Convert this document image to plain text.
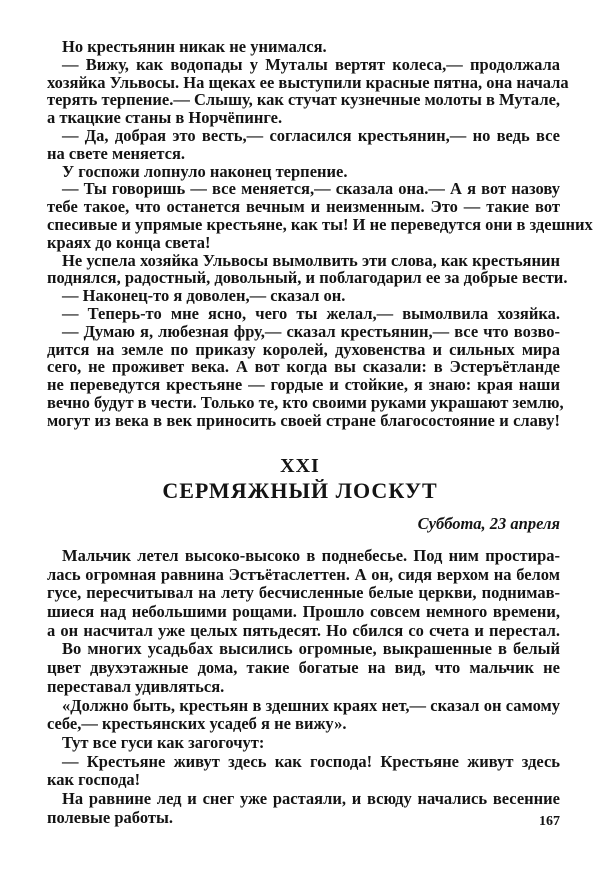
Но крестьянин никак не унимался.
— Вижу, как водопады у Муталы вертят колеса,— продолжала
хозяйка Ульвосы. На щеках ее выступили красные пятна, она начала
терять терпение.— Слышу, как стучат кузнечные молоты в Мутале,
а ткацкие станы в Норчёпинге.
— Да, добрая это весть,— согласился крестьянин,— но ведь все
на свете меняется.
У госпожи лопнуло наконец терпение.
— Ты говоришь — все меняется,— сказала она.— А я вот назову
тебе такое, что останется вечным и неизменным. Это — такие вот
спесивые и упрямые крестьяне, как ты! И не переведутся они в здешних
краях до конца света!
Не успела хозяйка Ульвосы вымолвить эти слова, как крестьянин
поднялся, радостный, довольный, и поблагодарил ее за добрые вести.
— Наконец-то я доволен,— сказал он.
— Теперь-то мне ясно, чего ты желал,— вымолвила хозяйка.
— Думаю я, любезная фру,— сказал крестьянин,— все что возво-
дится на земле по приказу королей, духовенства и сильных мира
сего, не проживет века. А вот когда вы сказали: в Эстеръётланде
не переведутся крестьяне — гордые и стойкие, я знаю: края наши
вечно будут в чести. Только те, кто своими руками украшают землю,
могут из века в век приносить своей стране благосостояние и славу!
XXI
СЕРМЯЖНЫЙ ЛОСКУТ
Суббота, 23 апреля
Мальчик летел высоко-высоко в поднебесье. Под ним простира-
лась огромная равнина Эстъётаслеттен. А он, сидя верхом на белом
гусе, пересчитывал на лету бесчисленные белые церкви, поднимав-
шиеся над небольшими рощами. Прошло совсем немного времени,
а он насчитал уже целых пятьдесят. Но сбился со счета и перестал.
Во многих усадьбах высились огромные, выкрашенные в белый
цвет двухэтажные дома, такие богатые на вид, что мальчик не
переставал удивляться.
«Должно быть, крестьян в здешних краях нет,— сказал он самому
себе,— крестьянских усадеб я не вижу».
Тут все гуси как загогочут:
— Крестьяне живут здесь как господа! Крестьяне живут здесь
как господа!
На равнине лед и снег уже растаяли, и всюду начались весенние
полевые работы.	167
